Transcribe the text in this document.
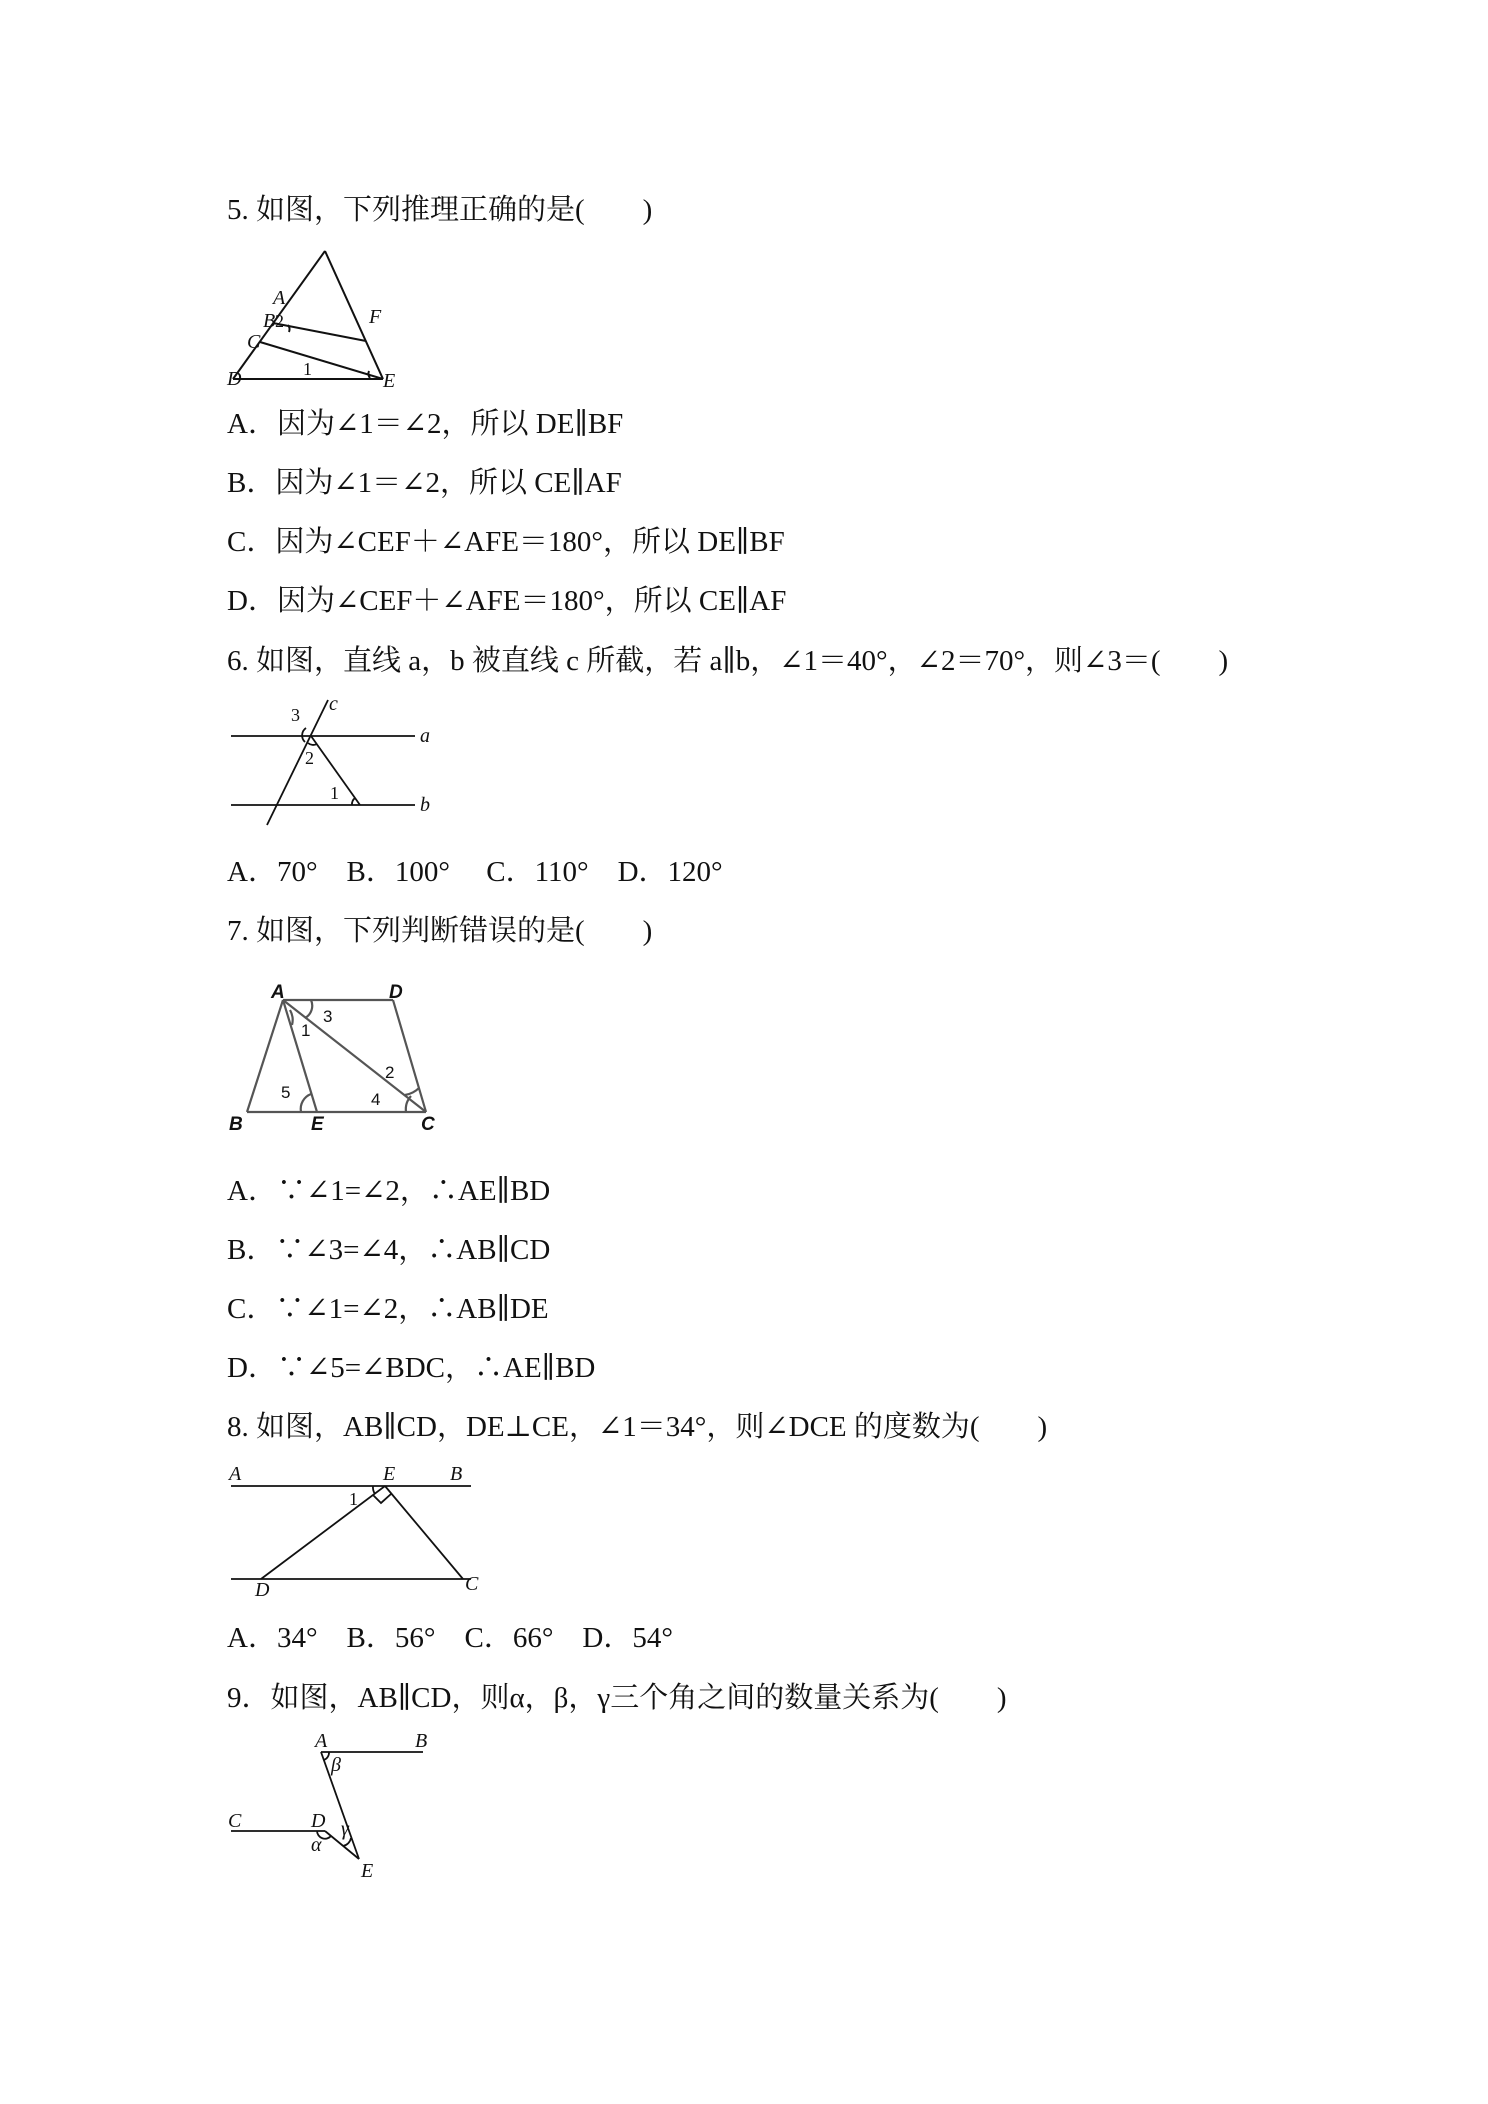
5. 如图，下列推理正确的是(　　)
A
B
C
D	E
F
2
1
A．因为∠1＝∠2，所以 DE∥BF
B．因为∠1＝∠2，所以 CE∥AF
C．因为∠CEF＋∠AFE＝180°，所以 DE∥BF
D．因为∠CEF＋∠AFE＝180°，所以 CE∥AF
6. 如图，直线 a，b 被直线 c 所截，若 a∥b，∠1＝40°，∠2＝70°，则∠3＝(　　)
c
a
b
3
2
1
A．70°　B．100°　 C．110°　D．120°
7. 如图，下列判断错误的是(　　)
A	D
B	E	C
1
3
2
4
5
A．∵∠1=∠2，∴AE∥BD
B．∵∠3=∠4，∴AB∥CD
C．∵∠1=∠2，∴AB∥DE
D．∵∠5=∠BDC，∴AE∥BD
8. 如图，AB∥CD，DE⊥CE，∠1＝34°，则∠DCE 的度数为(　　)
A	E	B
D	C
1
A．34°　B．56°　C．66°　D．54°
9．如图，AB∥CD，则α，β，γ三个角之间的数量关系为(　　)
A	B
C	D
E
β
α
γ
